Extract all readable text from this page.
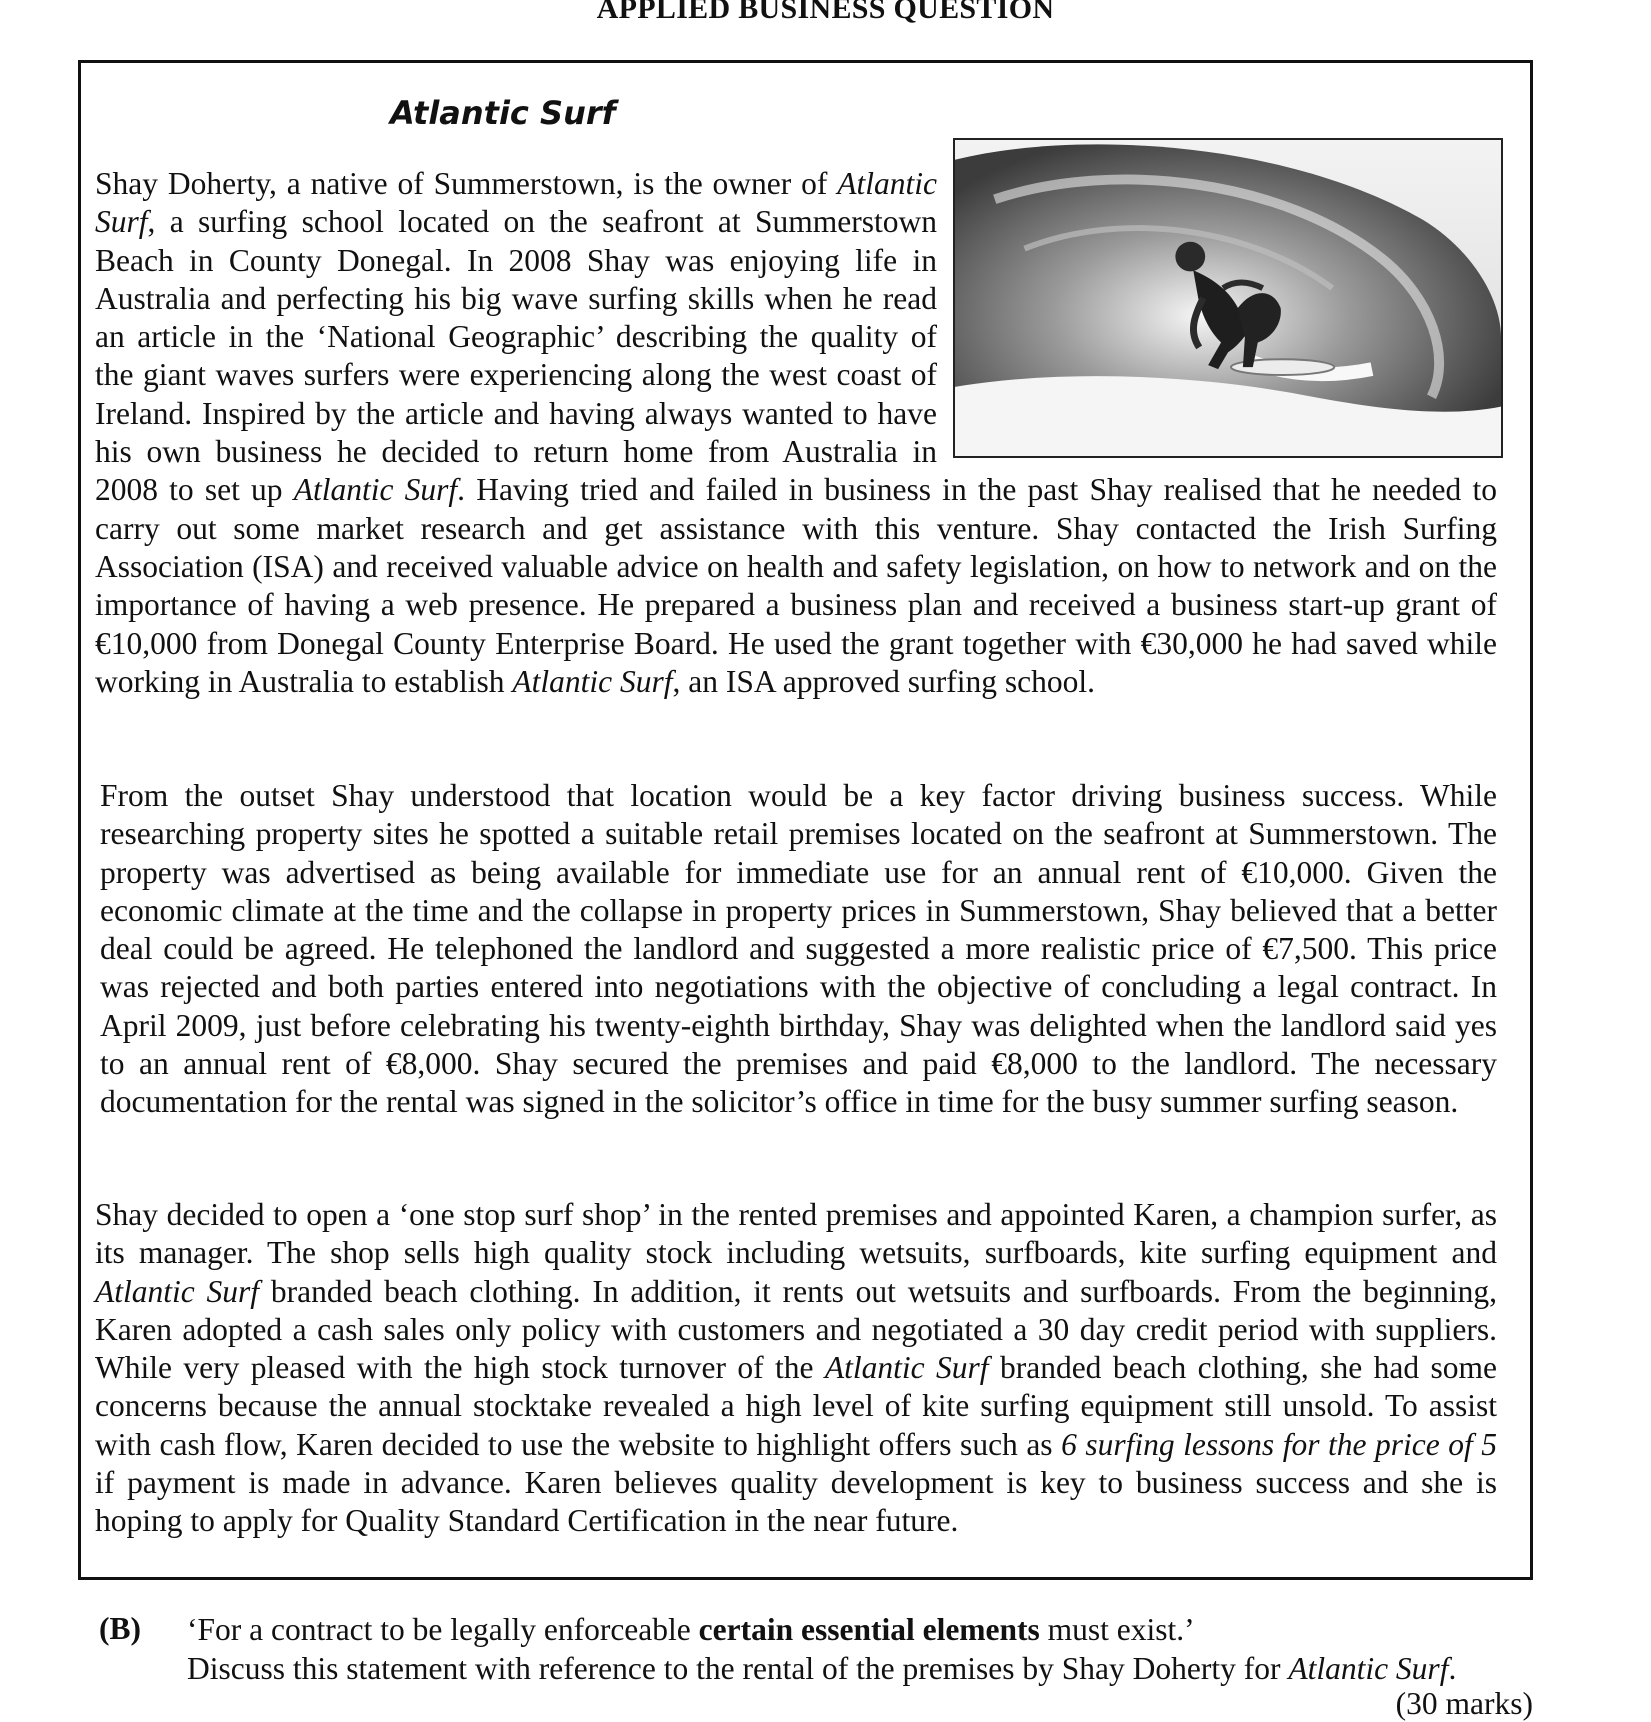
APPLIED BUSINESS QUESTION
Atlantic Surf

Shay Doherty, a native of Summerstown, is the owner of Atlantic Surf, a surfing school located on the seafront at Summerstown Beach in County Donegal. In 2008 Shay was enjoying life in Australia and perfecting his big wave surfing skills when he read an article in the ‘National Geographic’ describing the quality of the giant waves surfers were experiencing along the west coast of Ireland. Inspired by the article and having always wanted to have his own business he decided to return home from Australia in 2008 to set up Atlantic Surf. Having tried and failed in business in the past Shay realised that he needed to carry out some market research and get assistance with this venture. Shay contacted the Irish Surfing Association (ISA) and received valuable advice on health and safety legislation, on how to network and on the importance of having a web presence. He prepared a business plan and received a business start-up grant of €10,000 from Donegal County Enterprise Board. He used the grant together with €30,000 he had saved while working in Australia to establish Atlantic Surf, an ISA approved surfing school.

From the outset Shay understood that location would be a key factor driving business success. While researching property sites he spotted a suitable retail premises located on the seafront at Summerstown. The property was advertised as being available for immediate use for an annual rent of €10,000. Given the economic climate at the time and the collapse in property prices in Summerstown, Shay believed that a better deal could be agreed. He telephoned the landlord and suggested a more realistic price of €7,500. This price was rejected and both parties entered into negotiations with the objective of concluding a legal contract. In April 2009, just before celebrating his twenty-eighth birthday, Shay was delighted when the landlord said yes to an annual rent of €8,000. Shay secured the premises and paid €8,000 to the landlord. The necessary documentation for the rental was signed in the solicitor’s office in time for the busy summer surfing season.

Shay decided to open a ‘one stop surf shop’ in the rented premises and appointed Karen, a champion surfer, as its manager. The shop sells high quality stock including wetsuits, surfboards, kite surfing equipment and Atlantic Surf branded beach clothing. In addition, it rents out wetsuits and surfboards. From the beginning, Karen adopted a cash sales only policy with customers and negotiated a 30 day credit period with suppliers. While very pleased with the high stock turnover of the Atlantic Surf branded beach clothing, she had some concerns because the annual stocktake revealed a high level of kite surfing equipment still unsold. To assist with cash flow, Karen decided to use the website to highlight offers such as 6 surfing lessons for the price of 5 if payment is made in advance. Karen believes quality development is key to business success and she is hoping to apply for Quality Standard Certification in the near future.

(B) ‘For a contract to be legally enforceable certain essential elements must exist.’
Discuss this statement with reference to the rental of the premises by Shay Doherty for Atlantic Surf.
(30 marks)
